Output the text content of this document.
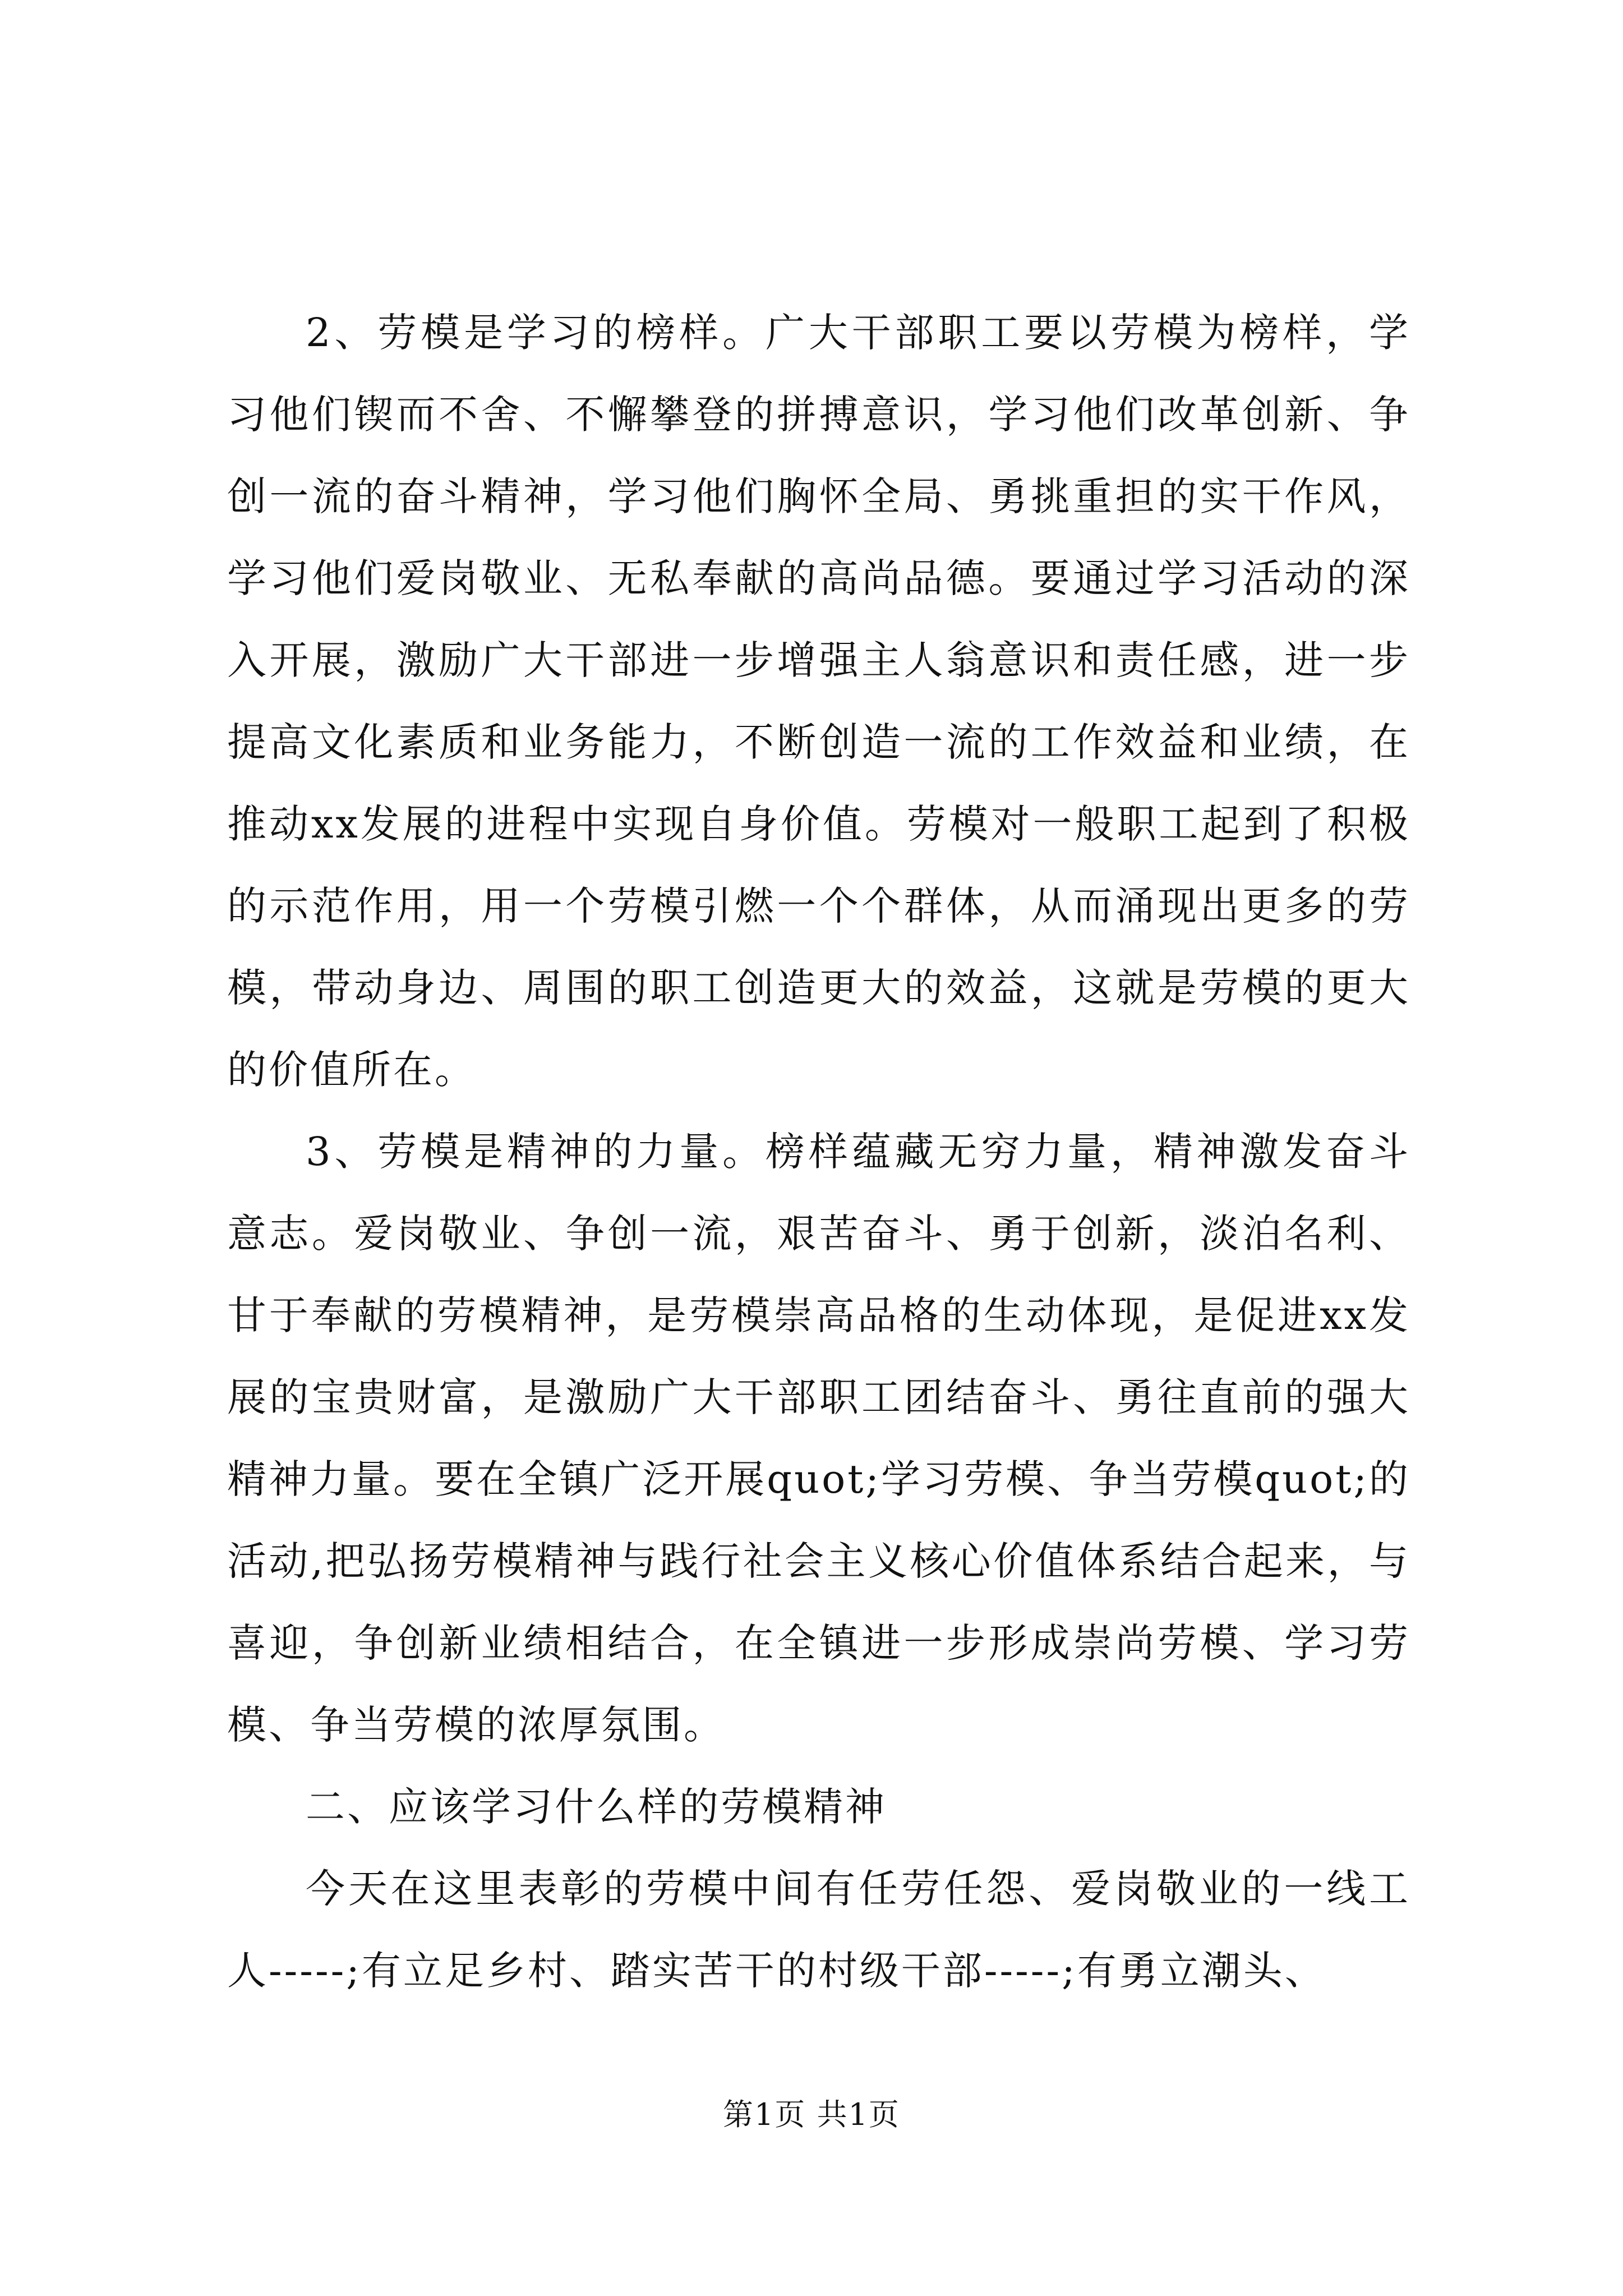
2、劳模是学习的榜样。广大干部职工要以劳模为榜样，学习他们锲而不舍、不懈攀登的拼搏意识，学习他们改革创新、争创一流的奋斗精神，学习他们胸怀全局、勇挑重担的实干作风，学习他们爱岗敬业、无私奉献的高尚品德。要通过学习活动的深入开展，激励广大干部进一步增强主人翁意识和责任感，进一步提高文化素质和业务能力，不断创造一流的工作效益和业绩，在推动xx发展的进程中实现自身价值。劳模对一般职工起到了积极的示范作用，用一个劳模引燃一个个群体，从而涌现出更多的劳模，带动身边、周围的职工创造更大的效益，这就是劳模的更大的价值所在。

3、劳模是精神的力量。榜样蕴藏无穷力量，精神激发奋斗意志。爱岗敬业、争创一流，艰苦奋斗、勇于创新，淡泊名利、甘于奉献的劳模精神，是劳模崇高品格的生动体现，是促进xx发展的宝贵财富，是激励广大干部职工团结奋斗、勇往直前的强大精神力量。要在全镇广泛开展quot;学习劳模、争当劳模quot;的活动,把弘扬劳模精神与践行社会主义核心价值体系结合起来，与喜迎，争创新业绩相结合，在全镇进一步形成崇尚劳模、学习劳模、争当劳模的浓厚氛围。

二、应该学习什么样的劳模精神

今天在这里表彰的劳模中间有任劳任怨、爱岗敬业的一线工人-----;有立足乡村、踏实苦干的村级干部-----;有勇立潮头、

第1页 共1页
